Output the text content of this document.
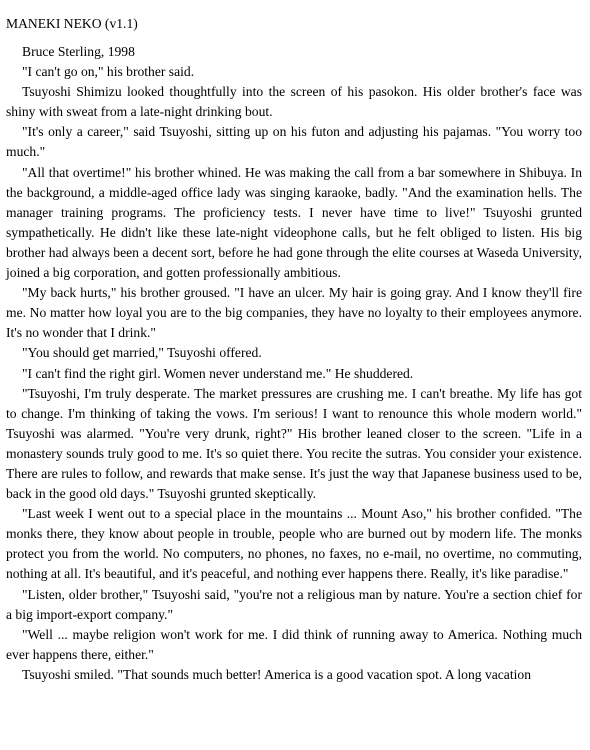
MANEKI NEKO (v1.1)

Bruce Sterling, 1998

"I can't go on," his brother said.

Tsuyoshi Shimizu looked thoughtfully into the screen of his pasokon. His older brother's face was shiny with sweat from a late-night drinking bout.

"It's only a career," said Tsuyoshi, sitting up on his futon and adjusting his pajamas. "You worry too much."

"All that overtime!" his brother whined. He was making the call from a bar somewhere in Shibuya. In the background, a middle-aged office lady was singing karaoke, badly. "And the examination hells. The manager training programs. The proficiency tests. I never have time to live!" Tsuyoshi grunted sympathetically. He didn't like these late-night videophone calls, but he felt obliged to listen. His big brother had always been a decent sort, before he had gone through the elite courses at Waseda University, joined a big corporation, and gotten professionally ambitious.

"My back hurts," his brother groused. "I have an ulcer. My hair is going gray. And I know they'll fire me. No matter how loyal you are to the big companies, they have no loyalty to their employees anymore. It's no wonder that I drink."

"You should get married," Tsuyoshi offered.

"I can't find the right girl. Women never understand me." He shuddered.

"Tsuyoshi, I'm truly desperate. The market pressures are crushing me. I can't breathe. My life has got to change. I'm thinking of taking the vows. I'm serious! I want to renounce this whole modern world." Tsuyoshi was alarmed. "You're very drunk, right?" His brother leaned closer to the screen. "Life in a monastery sounds truly good to me. It's so quiet there. You recite the sutras. You consider your existence. There are rules to follow, and rewards that make sense. It's just the way that Japanese business used to be, back in the good old days." Tsuyoshi grunted skeptically.

"Last week I went out to a special place in the mountains ... Mount Aso," his brother confided. "The monks there, they know about people in trouble, people who are burned out by modern life. The monks protect you from the world. No computers, no phones, no faxes, no e-mail, no overtime, no commuting, nothing at all. It's beautiful, and it's peaceful, and nothing ever happens there. Really, it's like paradise."

"Listen, older brother," Tsuyoshi said, "you're not a religious man by nature. You're a section chief for a big import-export company."

"Well ... maybe religion won't work for me. I did think of running away to America. Nothing much ever happens there, either."

Tsuyoshi smiled. "That sounds much better! America is a good vacation spot. A long vacation
